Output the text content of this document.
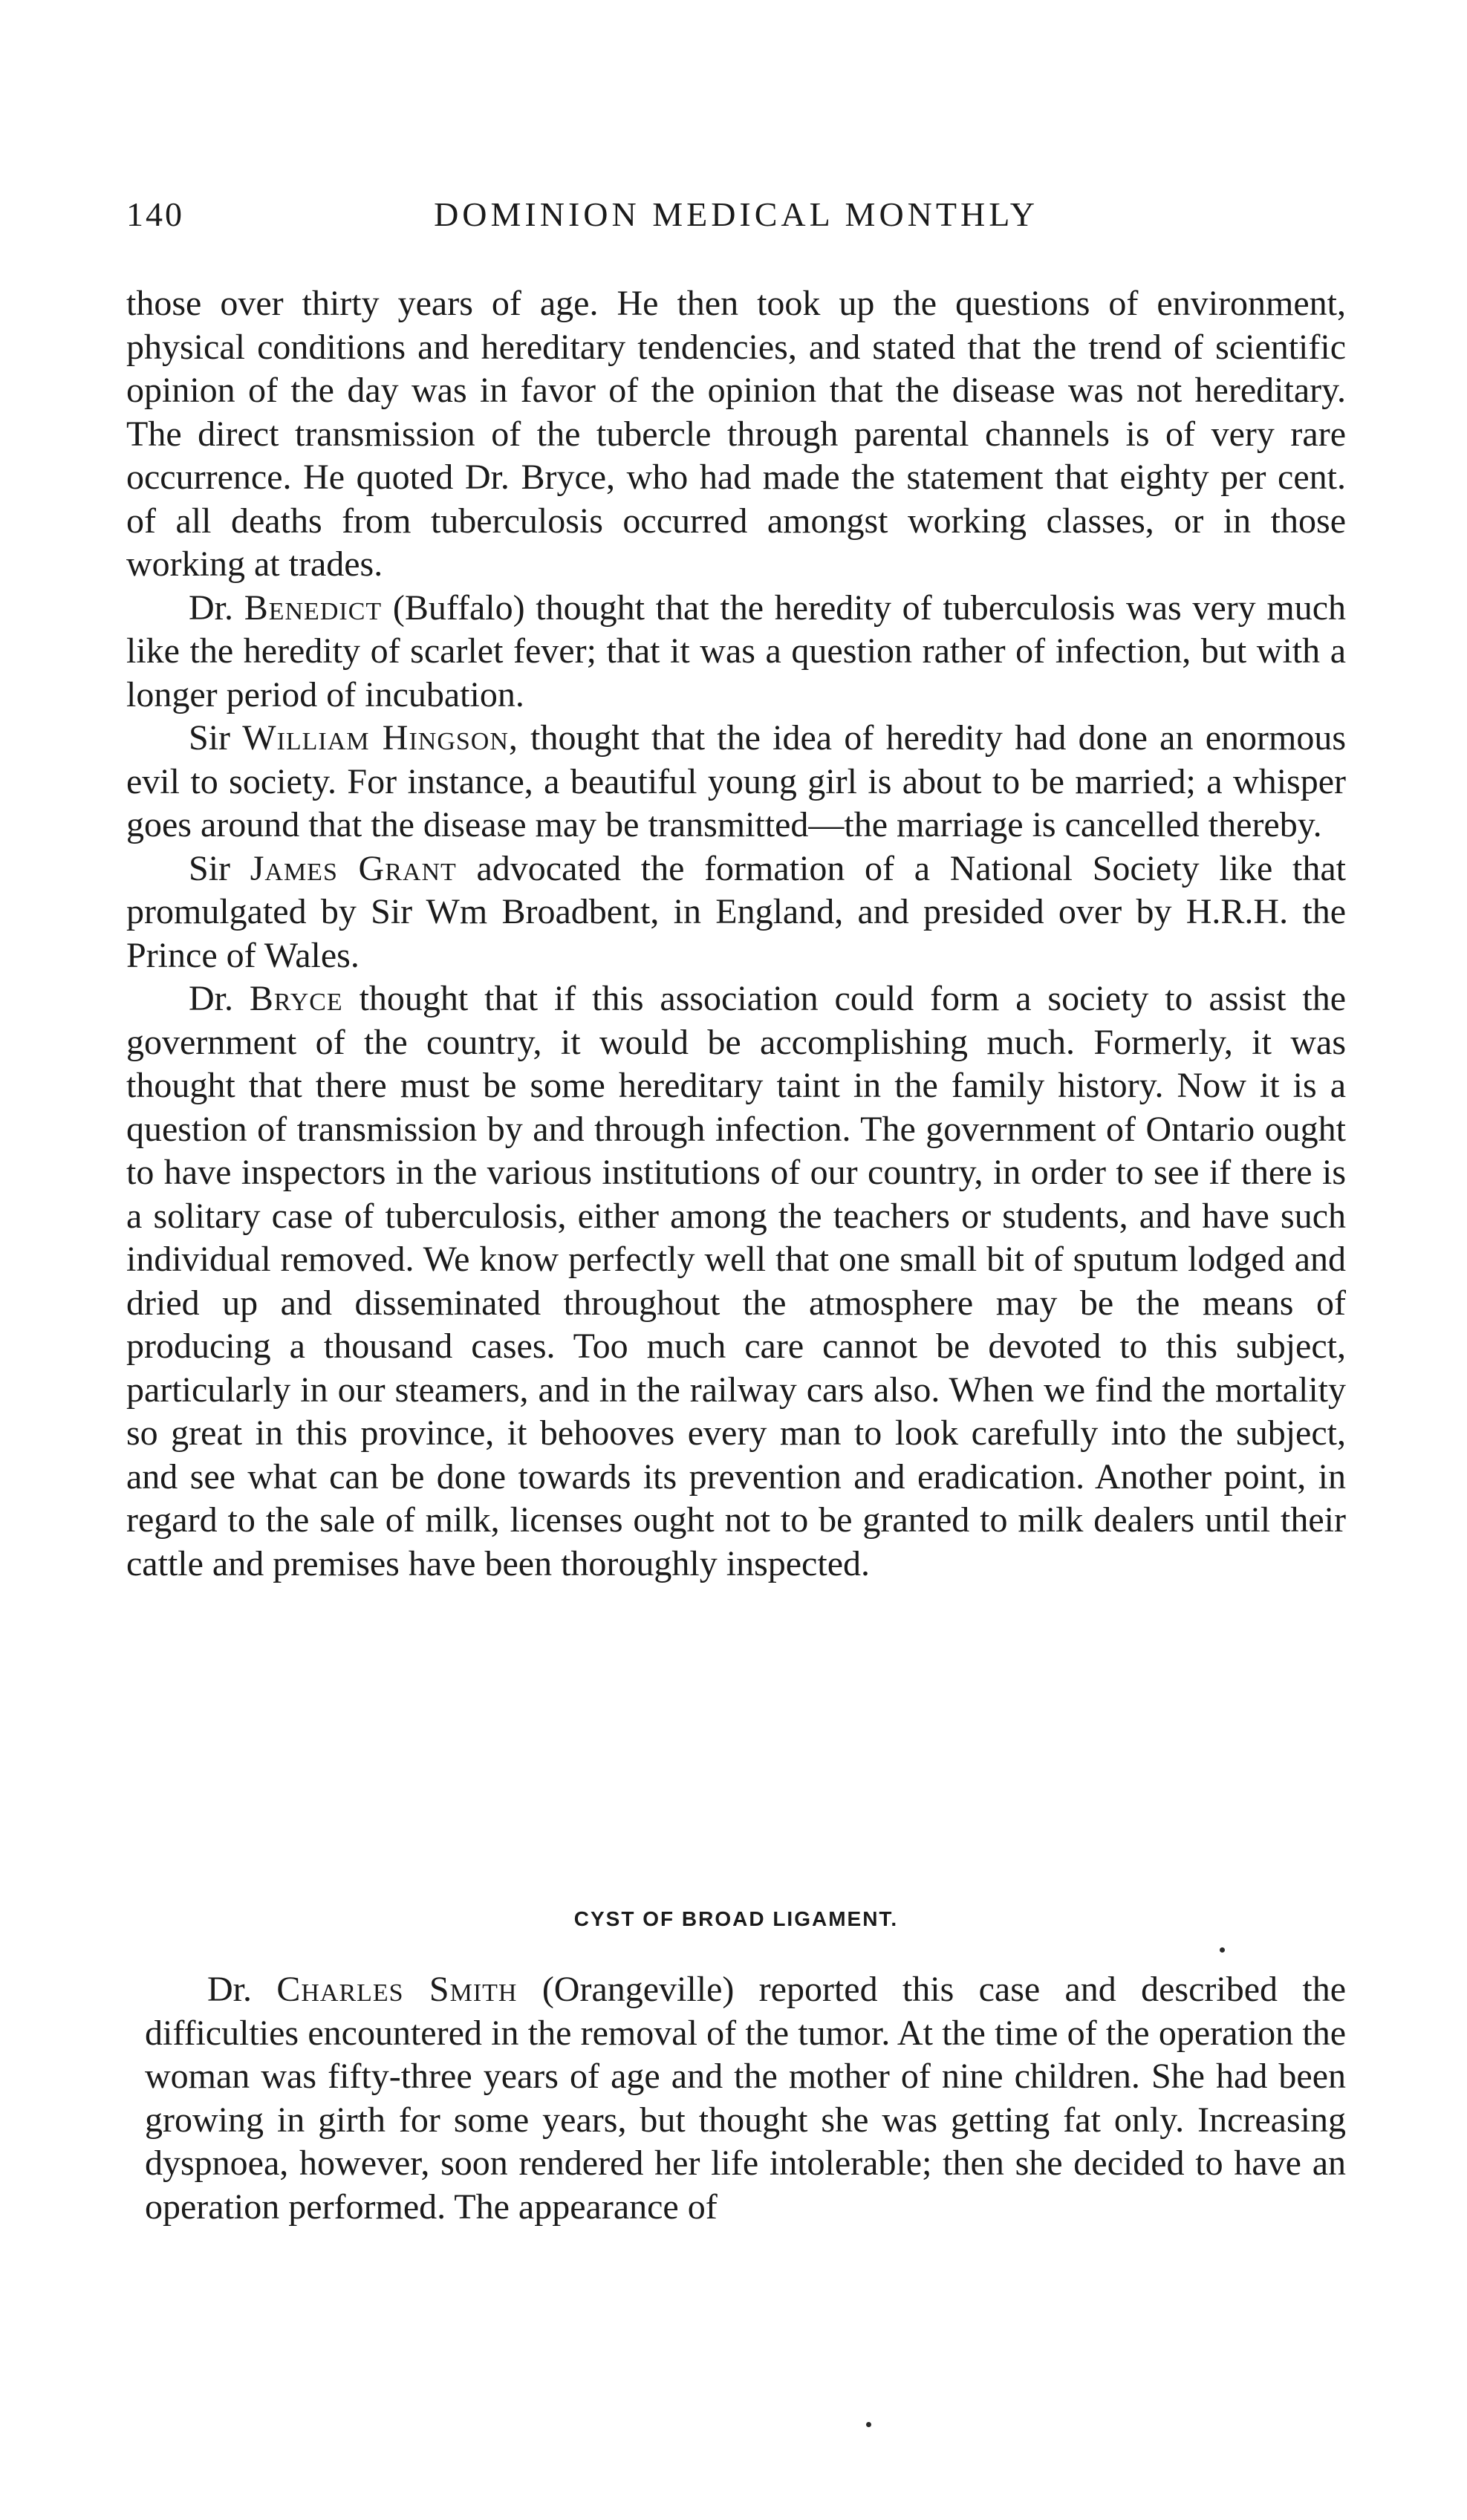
140	DOMINION MEDICAL MONTHLY

those over thirty years of age. He then took up the questions of environment, physical conditions and hereditary tendencies, and stated that the trend of scientific opinion of the day was in favor of the opinion that the disease was not hereditary. The direct transmission of the tubercle through parental channels is of very rare occurrence. He quoted Dr. Bryce, who had made the statement that eighty per cent. of all deaths from tuberculosis occurred amongst working classes, or in those working at trades.

Dr. Benedict (Buffalo) thought that the heredity of tuberculosis was very much like the heredity of scarlet fever; that it was a question rather of infection, but with a longer period of incubation.

Sir William Hingson, thought that the idea of heredity had done an enormous evil to society. For instance, a beautiful young girl is about to be married; a whisper goes around that the disease may be transmitted—the marriage is cancelled thereby.

Sir James Grant advocated the formation of a National Society like that promulgated by Sir Wm Broadbent, in England, and presided over by H.R.H. the Prince of Wales.

Dr. Bryce thought that if this association could form a society to assist the government of the country, it would be accomplishing much. Formerly, it was thought that there must be some hereditary taint in the family history. Now it is a question of transmission by and through infection. The government of Ontario ought to have inspectors in the various institutions of our country, in order to see if there is a solitary case of tuberculosis, either among the teachers or students, and have such individual removed. We know perfectly well that one small bit of sputum lodged and dried up and disseminated throughout the atmosphere may be the means of producing a thousand cases. Too much care cannot be devoted to this subject, particularly in our steamers, and in the railway cars also. When we find the mortality so great in this province, it behooves every man to look carefully into the subject, and see what can be done towards its prevention and eradication. Another point, in regard to the sale of milk, licenses ought not to be granted to milk dealers until their cattle and premises have been thoroughly inspected.

CYST OF BROAD LIGAMENT.

Dr. Charles Smith (Orangeville) reported this case and described the difficulties encountered in the removal of the tumor. At the time of the operation the woman was fifty-three years of age and the mother of nine children. She had been growing in girth for some years, but thought she was getting fat only. Increasing dyspnoea, however, soon rendered her life intolerable; then she decided to have an operation performed. The appearance of
